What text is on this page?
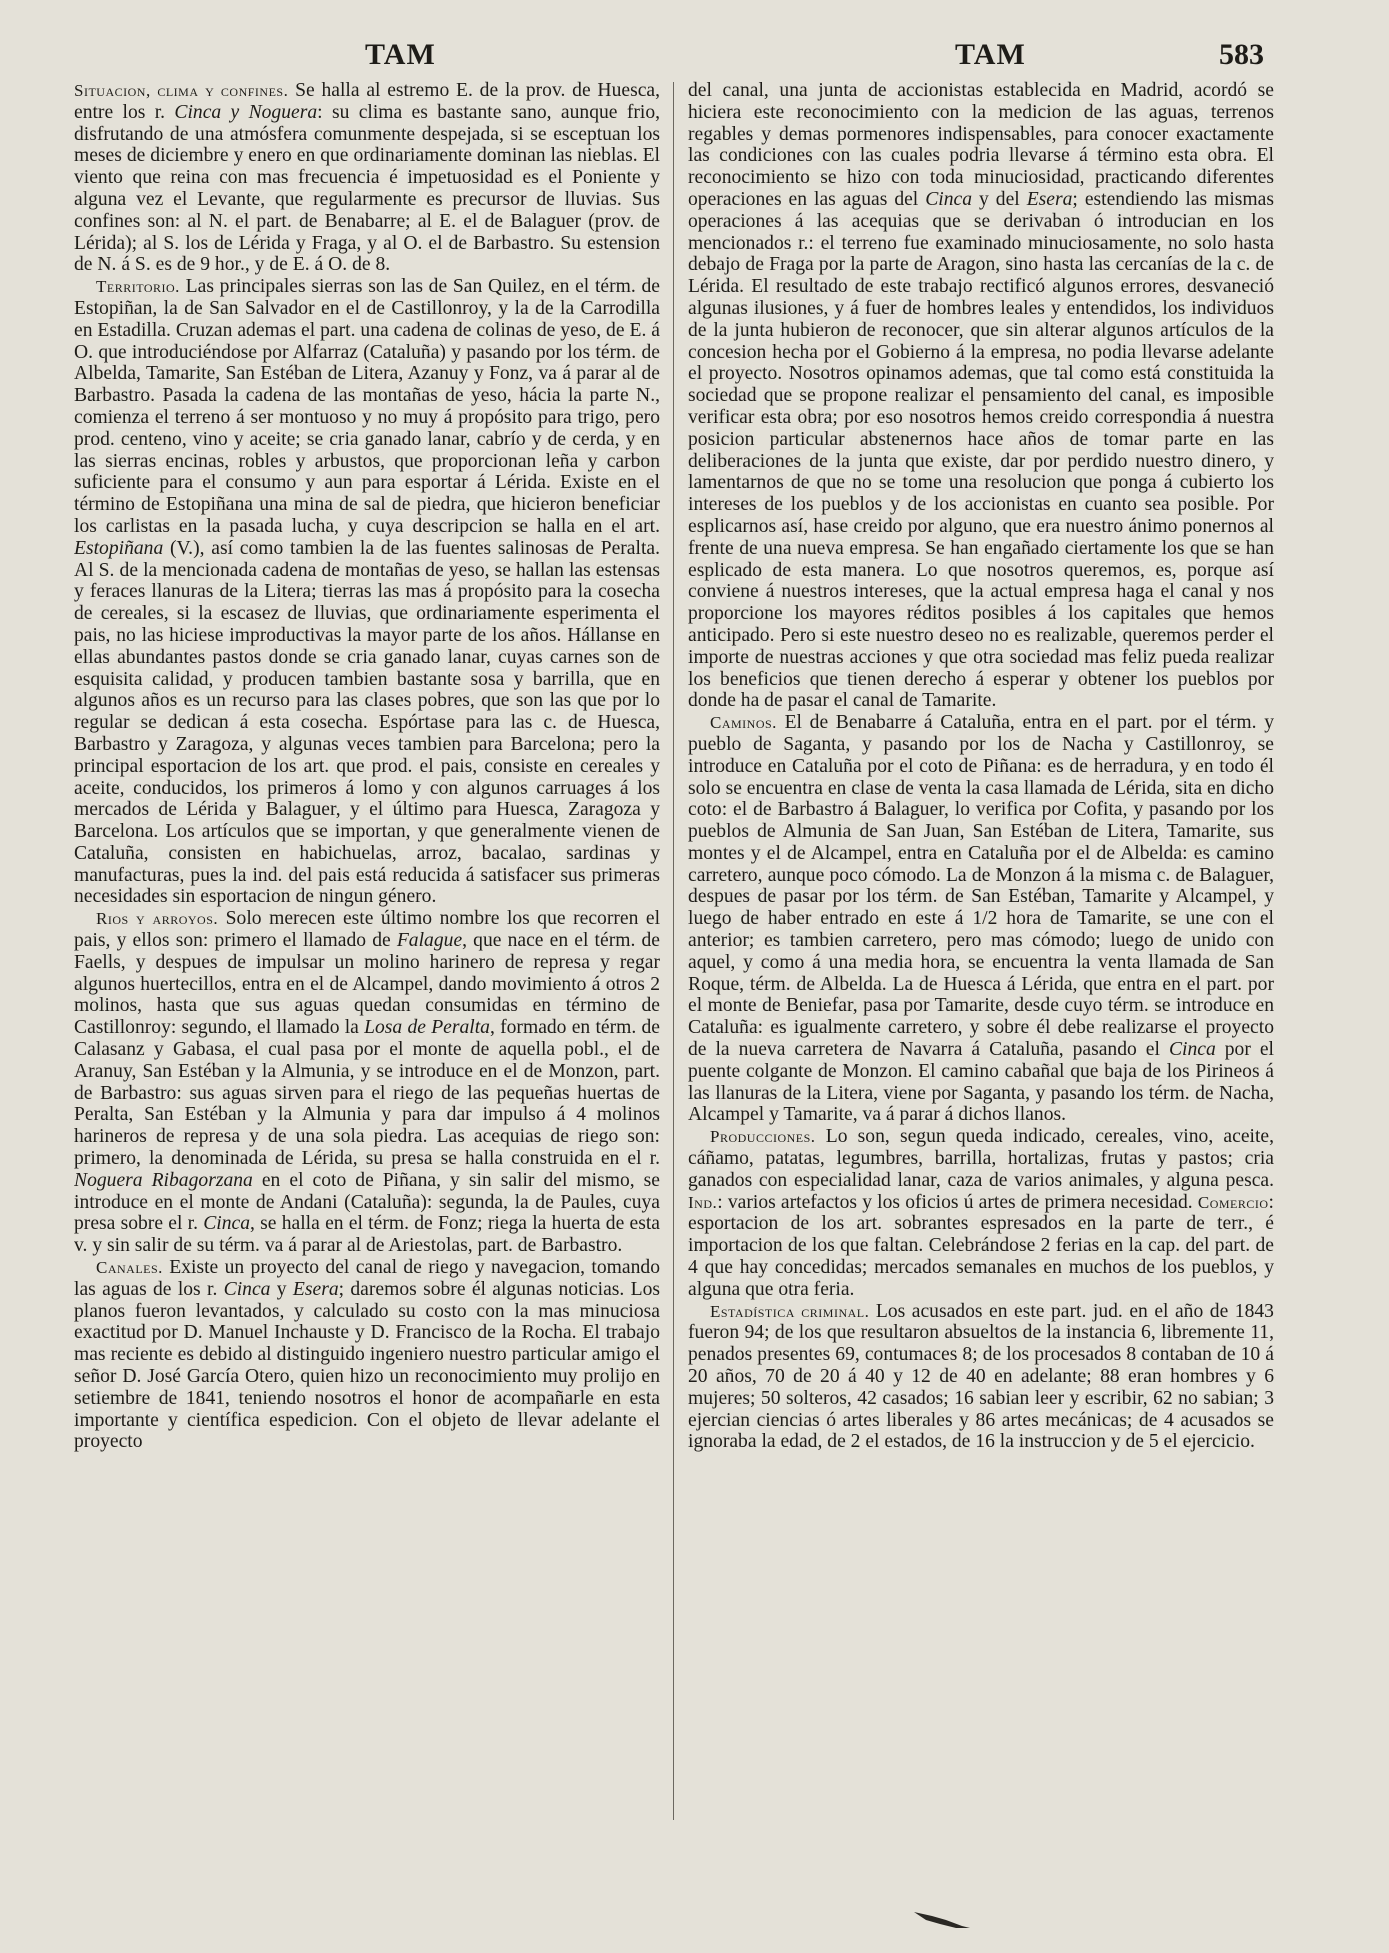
TAM	TAM	583

Situacion, clima y confines. Se halla al estremo E. de la prov. de Huesca, entre los r. Cinca y Noguera: su clima es bastante sano, aunque frio, disfrutando de una atmósfera comunmente despejada, si se esceptuan los meses de diciembre y enero en que ordinariamente dominan las nieblas. El viento que reina con mas frecuencia é impetuosidad es el Poniente y alguna vez el Levante, que regularmente es precursor de lluvias. Sus confines son: al N. el part. de Benabarre; al E. el de Balaguer (prov. de Lérida); al S. los de Lérida y Fraga, y al O. el de Barbastro. Su estension de N. á S. es de 9 hor., y de E. á O. de 8.

Territorio. Las principales sierras son las de San Quilez, en el térm. de Estopiñan, la de San Salvador en el de Castillonroy, y la de la Carrodilla en Estadilla. Cruzan ademas el part. una cadena de colinas de yeso, de E. á O. que introduciéndose por Alfarraz (Cataluña) y pasando por los térm. de Albelda, Tamarite, San Estéban de Litera, Azanuy y Fonz, va á parar al de Barbastro. Pasada la cadena de las montañas de yeso, hácia la parte N., comienza el terreno á ser montuoso y no muy á propósito para trigo, pero prod. centeno, vino y aceite; se cria ganado lanar, cabrío y de cerda, y en las sierras encinas, robles y arbustos, que proporcionan leña y carbon suficiente para el consumo y aun para esportar á Lérida. Existe en el término de Estopiñana una mina de sal de piedra, que hicieron beneficiar los carlistas en la pasada lucha, y cuya descripcion se halla en el art. Estopiñana (V.), así como tambien la de las fuentes salinosas de Peralta. Al S. de la mencionada cadena de montañas de yeso, se hallan las estensas y feraces llanuras de la Litera; tierras las mas á propósito para la cosecha de cereales, si la escasez de lluvias, que ordinariamente esperimenta el pais, no las hiciese improductivas la mayor parte de los años. Hállanse en ellas abundantes pastos donde se cria ganado lanar, cuyas carnes son de esquisita calidad, y producen tambien bastante sosa y barrilla, que en algunos años es un recurso para las clases pobres, que son las que por lo regular se dedican á esta cosecha. Espórtase para las c. de Huesca, Barbastro y Zaragoza, y algunas veces tambien para Barcelona; pero la principal esportacion de los art. que prod. el pais, consiste en cereales y aceite, conducidos, los primeros á lomo y con algunos carruages á los mercados de Lérida y Balaguer, y el último para Huesca, Zaragoza y Barcelona. Los artículos que se importan, y que generalmente vienen de Cataluña, consisten en habichuelas, arroz, bacalao, sardinas y manufacturas, pues la ind. del pais está reducida á satisfacer sus primeras necesidades sin esportacion de ningun género.

Rios y arroyos. Solo merecen este último nombre los que recorren el pais, y ellos son: primero el llamado de Falague, que nace en el térm. de Faells, y despues de impulsar un molino harinero de represa y regar algunos huertecillos, entra en el de Alcampel, dando movimiento á otros 2 molinos, hasta que sus aguas quedan consumidas en término de Castillonroy: segundo, el llamado la Losa de Peralta, formado en térm. de Calasanz y Gabasa, el cual pasa por el monte de aquella pobl., el de Aranuy, San Estéban y la Almunia, y se introduce en el de Monzon, part. de Barbastro: sus aguas sirven para el riego de las pequeñas huertas de Peralta, San Estéban y la Almunia y para dar impulso á 4 molinos harineros de represa y de una sola piedra. Las acequias de riego son: primero, la denominada de Lérida, su presa se halla construida en el r. Noguera Ribagorzana en el coto de Piñana, y sin salir del mismo, se introduce en el monte de Andani (Cataluña): segunda, la de Paules, cuya presa sobre el r. Cinca, se halla en el térm. de Fonz; riega la huerta de esta v. y sin salir de su térm. va á parar al de Ariestolas, part. de Barbastro.

Canales. Existe un proyecto del canal de riego y navegacion, tomando las aguas de los r. Cinca y Esera; daremos sobre él algunas noticias. Los planos fueron levantados, y calculado su costo con la mas minuciosa exactitud por D. Manuel Inchauste y D. Francisco de la Rocha. El trabajo mas reciente es debido al distinguido ingeniero nuestro particular amigo el señor D. José García Otero, quien hizo un reconocimiento muy prolijo en setiembre de 1841, teniendo nosotros el honor de acompañarle en esta importante y científica espedicion. Con el objeto de llevar adelante el proyecto

del canal, una junta de accionistas establecida en Madrid, acordó se hiciera este reconocimiento con la medicion de las aguas, terrenos regables y demas pormenores indispensables, para conocer exactamente las condiciones con las cuales podria llevarse á término esta obra. El reconocimiento se hizo con toda minuciosidad, practicando diferentes operaciones en las aguas del Cinca y del Esera; estendiendo las mismas operaciones á las acequias que se derivaban ó introducian en los mencionados r.: el terreno fue examinado minuciosamente, no solo hasta debajo de Fraga por la parte de Aragon, sino hasta las cercanías de la c. de Lérida. El resultado de este trabajo rectificó algunos errores, desvaneció algunas ilusiones, y á fuer de hombres leales y entendidos, los individuos de la junta hubieron de reconocer, que sin alterar algunos artículos de la concesion hecha por el Gobierno á la empresa, no podia llevarse adelante el proyecto. Nosotros opinamos ademas, que tal como está constituida la sociedad que se propone realizar el pensamiento del canal, es imposible verificar esta obra; por eso nosotros hemos creido correspondia á nuestra posicion particular abstenernos hace años de tomar parte en las deliberaciones de la junta que existe, dar por perdido nuestro dinero, y lamentarnos de que no se tome una resolucion que ponga á cubierto los intereses de los pueblos y de los accionistas en cuanto sea posible. Por esplicarnos así, hase creido por alguno, que era nuestro ánimo ponernos al frente de una nueva empresa. Se han engañado ciertamente los que se han esplicado de esta manera. Lo que nosotros queremos, es, porque así conviene á nuestros intereses, que la actual empresa haga el canal y nos proporcione los mayores réditos posibles á los capitales que hemos anticipado. Pero si este nuestro deseo no es realizable, queremos perder el importe de nuestras acciones y que otra sociedad mas feliz pueda realizar los beneficios que tienen derecho á esperar y obtener los pueblos por donde ha de pasar el canal de Tamarite.

Caminos. El de Benabarre á Cataluña, entra en el part. por el térm. y pueblo de Saganta, y pasando por los de Nacha y Castillonroy, se introduce en Cataluña por el coto de Piñana: es de herradura, y en todo él solo se encuentra en clase de venta la casa llamada de Lérida, sita en dicho coto: el de Barbastro á Balaguer, lo verifica por Cofita, y pasando por los pueblos de Almunia de San Juan, San Estéban de Litera, Tamarite, sus montes y el de Alcampel, entra en Cataluña por el de Albelda: es camino carretero, aunque poco cómodo. La de Monzon á la misma c. de Balaguer, despues de pasar por los térm. de San Estéban, Tamarite y Alcampel, y luego de haber entrado en este á 1/2 hora de Tamarite, se une con el anterior; es tambien carretero, pero mas cómodo; luego de unido con aquel, y como á una media hora, se encuentra la venta llamada de San Roque, térm. de Albelda. La de Huesca á Lérida, que entra en el part. por el monte de Beniefar, pasa por Tamarite, desde cuyo térm. se introduce en Cataluña: es igualmente carretero, y sobre él debe realizarse el proyecto de la nueva carretera de Navarra á Cataluña, pasando el Cinca por el puente colgante de Monzon. El camino cabañal que baja de los Pirineos á las llanuras de la Litera, viene por Saganta, y pasando los térm. de Nacha, Alcampel y Tamarite, va á parar á dichos llanos.

Producciones. Lo son, segun queda indicado, cereales, vino, aceite, cáñamo, patatas, legumbres, barrilla, hortalizas, frutas y pastos; cria ganados con especialidad lanar, caza de varios animales, y alguna pesca. Ind.: varios artefactos y los oficios ú artes de primera necesidad. Comercio: esportacion de los art. sobrantes espresados en la parte de terr., é importacion de los que faltan. Celebrándose 2 ferias en la cap. del part. de 4 que hay concedidas; mercados semanales en muchos de los pueblos, y alguna que otra feria.

Estadística criminal. Los acusados en este part. jud. en el año de 1843 fueron 94; de los que resultaron absueltos de la instancia 6, libremente 11, penados presentes 69, contumaces 8; de los procesados 8 contaban de 10 á 20 años, 70 de 20 á 40 y 12 de 40 en adelante; 88 eran hombres y 6 mujeres; 50 solteros, 42 casados; 16 sabian leer y escribir, 62 no sabian; 3 ejercian ciencias ó artes liberales y 86 artes mecánicas; de 4 acusados se ignoraba la edad, de 2 el estados, de 16 la instruccion y de 5 el ejercicio.
